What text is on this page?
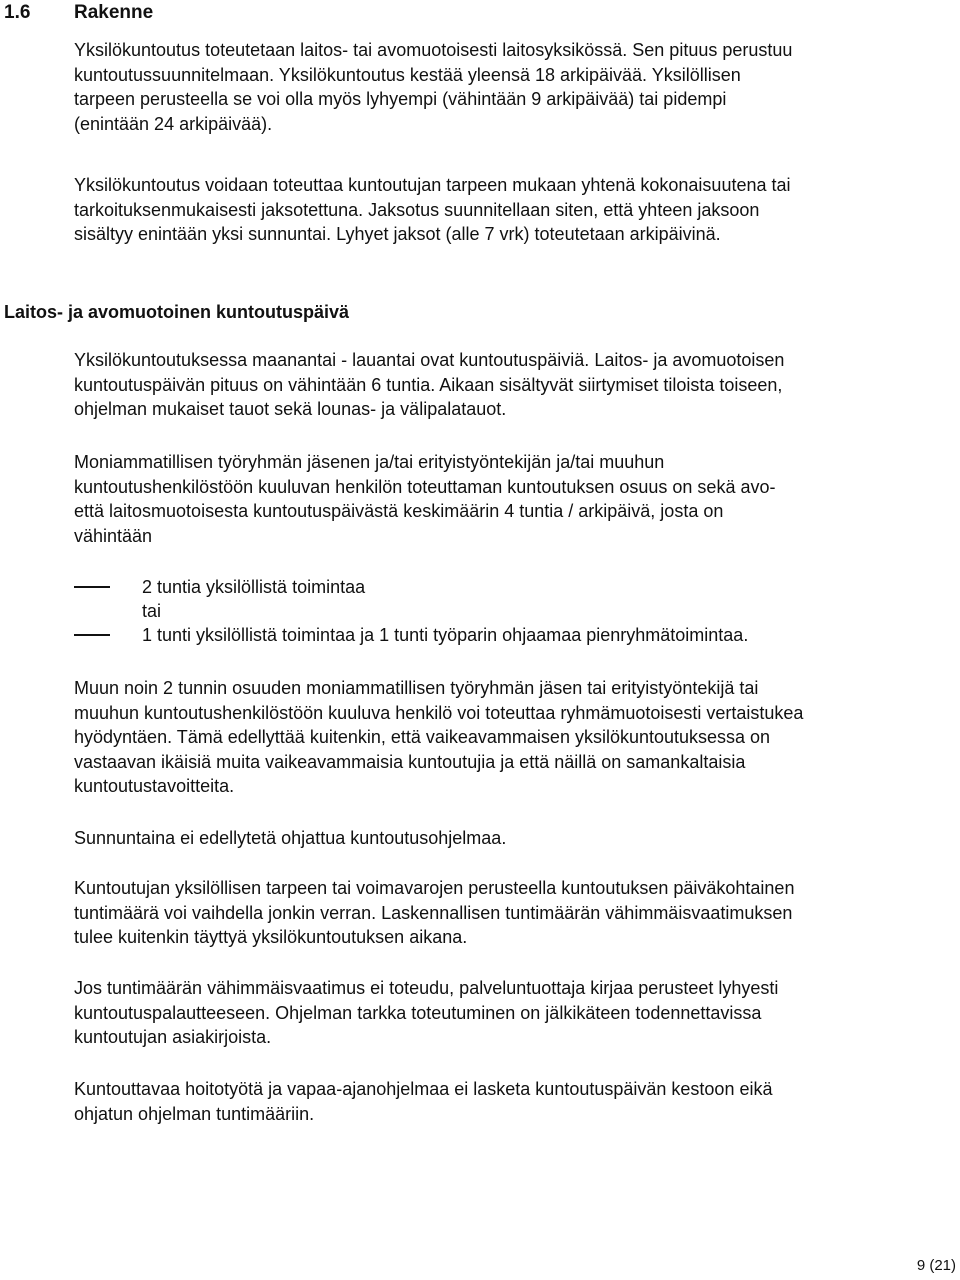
1.6 Rakenne
Yksilökuntoutus toteutetaan laitos- tai avomuotoisesti laitosyksikössä. Sen pituus perustuu
kuntoutussuunnitelmaan. Yksilökuntoutus kestää yleensä 18 arkipäivää. Yksilöllisen
tarpeen perusteella se voi olla myös lyhyempi (vähintään 9 arkipäivää) tai pidempi
(enintään 24 arkipäivää).
Yksilökuntoutus voidaan toteuttaa kuntoutujan tarpeen mukaan yhtenä kokonaisuutena tai
tarkoituksenmukaisesti jaksotettuna. Jaksotus suunnitellaan siten, että yhteen jaksoon
sisältyy enintään yksi sunnuntai. Lyhyet jaksot (alle 7 vrk) toteutetaan arkipäivinä.
Laitos- ja avomuotoinen kuntoutuspäivä
Yksilökuntoutuksessa maanantai - lauantai ovat kuntoutuspäiviä. Laitos- ja avomuotoisen
kuntoutuspäivän pituus on vähintään 6 tuntia. Aikaan sisältyvät siirtymiset tiloista toiseen,
ohjelman mukaiset tauot sekä lounas- ja välipalatauot.
Moniammatillisen työryhmän jäsenen ja/tai erityistyöntekijän ja/tai muuhun
kuntoutushenkilöstöön kuuluvan henkilön toteuttaman kuntoutuksen osuus on sekä avo-
että laitosmuotoisesta kuntoutuspäivästä keskimäärin 4 tuntia / arkipäivä, josta on
vähintään
2 tuntia yksilöllistä toimintaa
tai
1 tunti yksilöllistä toimintaa ja 1 tunti työparin ohjaamaa pienryhmätoimintaa.
Muun noin 2 tunnin osuuden moniammatillisen työryhmän jäsen tai erityistyöntekijä tai
muuhun kuntoutushenkilöstöön kuuluva henkilö voi toteuttaa ryhmämuotoisesti vertaistukea
hyödyntäen. Tämä edellyttää kuitenkin, että vaikeavammaisen yksilökuntoutuksessa on
vastaavan ikäisiä muita vaikeavammaisia kuntoutujia ja että näillä on samankaltaisia
kuntoutustavoitteita.
Sunnuntaina ei edellytetä ohjattua kuntoutusohjelmaa.
Kuntoutujan yksilöllisen tarpeen tai voimavarojen perusteella kuntoutuksen päiväkohtainen
tuntimäärä voi vaihdella jonkin verran. Laskennallisen tuntimäärän vähimmäisvaatimuksen
tulee kuitenkin täyttyä yksilökuntoutuksen aikana.
Jos tuntimäärän vähimmäisvaatimus ei toteudu, palveluntuottaja kirjaa perusteet lyhyesti
kuntoutuspalautteeseen. Ohjelman tarkka toteutuminen on jälkikäteen todennettavissa
kuntoutujan asiakirjoista.
Kuntouttavaa hoitotyötä ja vapaa-ajanohjelmaa ei lasketa kuntoutuspäivän kestoon eikä
ohjatun ohjelman tuntimääriin.
9 (21)
